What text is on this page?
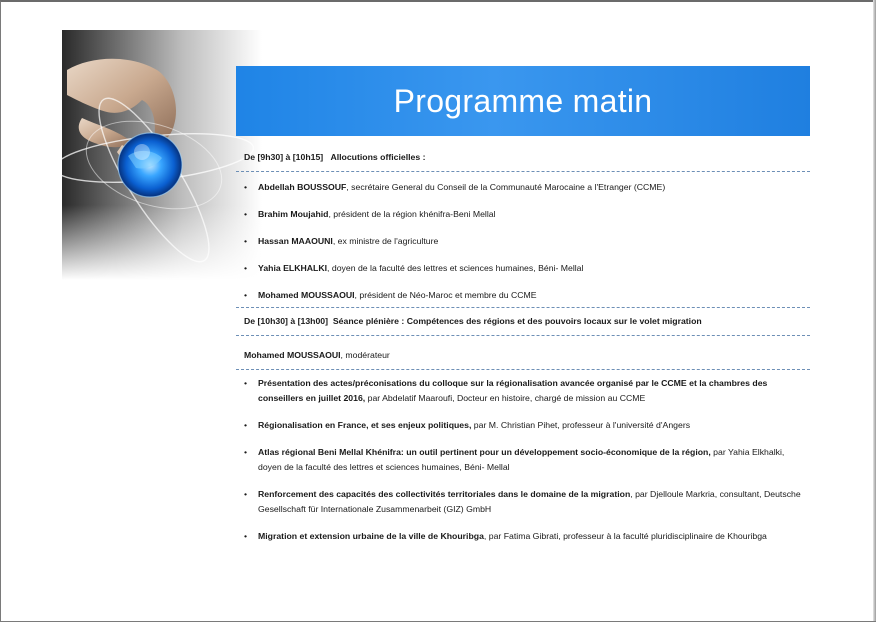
Programme matin
De [9h30] à [10h15] Allocutions officielles :
• Abdellah BOUSSOUF, secrétaire General du Conseil de la Communauté Marocaine a l'Etranger (CCME)
• Brahim Moujahid, président de la région khénifra-Beni Mellal
• Hassan MAAOUNI, ex ministre de l'agriculture
• Yahia ELKHALKI, doyen de la faculté des lettres et sciences humaines, Béni- Mellal
• Mohamed MOUSSAOUI, président de Néo-Maroc et membre du CCME
De [10h30] à [13h00] Séance plénière : Compétences des régions et des pouvoirs locaux sur le volet migration
Mohamed MOUSSAOUI, modérateur
• Présentation des actes/préconisations du colloque sur la régionalisation avancée organisé par le CCME et la chambres des conseillers en juillet 2016, par Abdelatif Maaroufi, Docteur en histoire, chargé de mission au CCME
• Régionalisation en France, et ses enjeux politiques, par M. Christian Pihet, professeur à l'université d'Angers
• Atlas régional Beni Mellal Khénifra: un outil pertinent pour un développement socio-économique de la région, par Yahia Elkhalki, doyen de la faculté des lettres et sciences humaines, Béni- Mellal
• Renforcement des capacités des collectivités territoriales dans le domaine de la migration, par Djelloule Markria, consultant, Deutsche Gesellschaft für Internationale Zusammenarbeit (GIZ) GmbH
• Migration et extension urbaine de la ville de Khouribga, par Fatima Gibrati, professeur à la faculté pluridisciplinaire de Khouribga
